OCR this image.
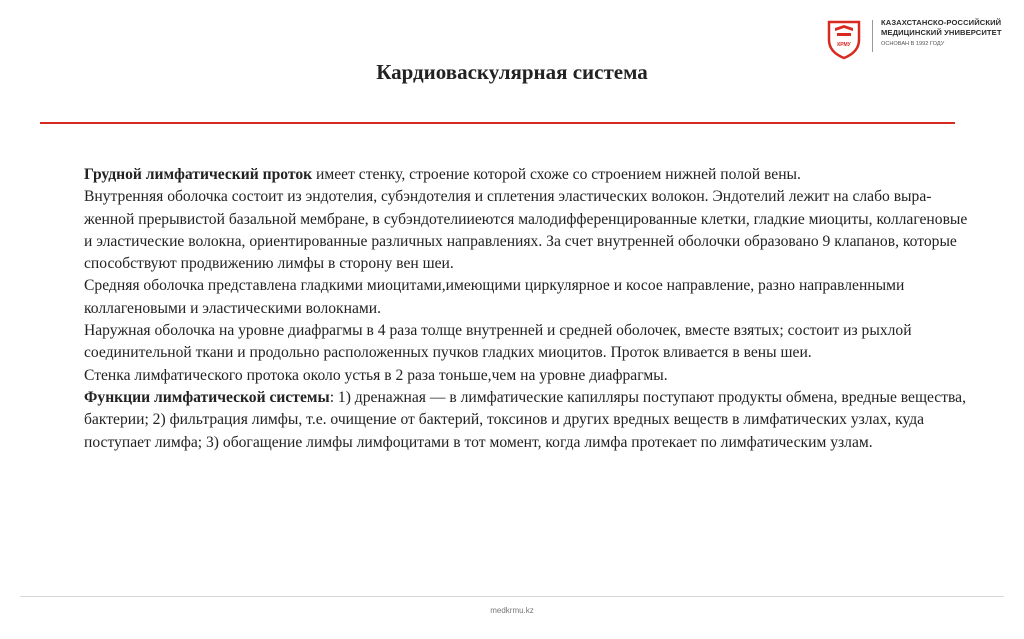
КРМУ
КАЗАХСТАНСКО-РОССИЙСКИЙ
МЕДИЦИНСКИЙ УНИВЕРСИТЕТ
ОСНОВАН В 1992 ГОДУ
Кардиоваскулярная система

Грудной лимфатический проток имеет стенку, строение которой схоже со строением нижней полой вены.

Внутренняя оболочка состоит из эндотелия, субэндотелия и сплетения эластических волокон. Эндотелий лежит на слабо выра-женной прерывистой базальной мембране, в субэндотелииеются малодифференцированные клетки, гладкие миоциты, коллагеновые и эластические волокна, ориентированные различных направлениях. За счет внутренней оболочки образовано 9 клапанов, которые способствуют продвижению лимфы в сторону вен шеи.

Средняя оболочка представлена гладкими миоцитами,имеющими циркулярное и косое направление, разно направленными коллагеновыми и эластическими волокнами.

Наружная оболочка на уровне диафрагмы в 4 раза толще внутренней и средней оболочек, вместе взятых; состоит из рыхлой соединительной ткани и продольно расположенных пучков гладких миоцитов. Проток вливается в вены шеи.

Стенка лимфатического протока около устья в 2 раза тоньше,чем на уровне диафрагмы.

Функции лимфатической системы: 1) дренажная — в лимфатические капилляры поступают продукты обмена, вредные вещества, бактерии; 2) фильтрация лимфы, т.е. очищение от бактерий, токсинов и других вредных веществ в лимфатических узлах, куда поступает лимфа; 3) обогащение лимфы лимфоцитами в тот момент, когда лимфа протекает по лимфатическим узлам.

medkrmu.kz
